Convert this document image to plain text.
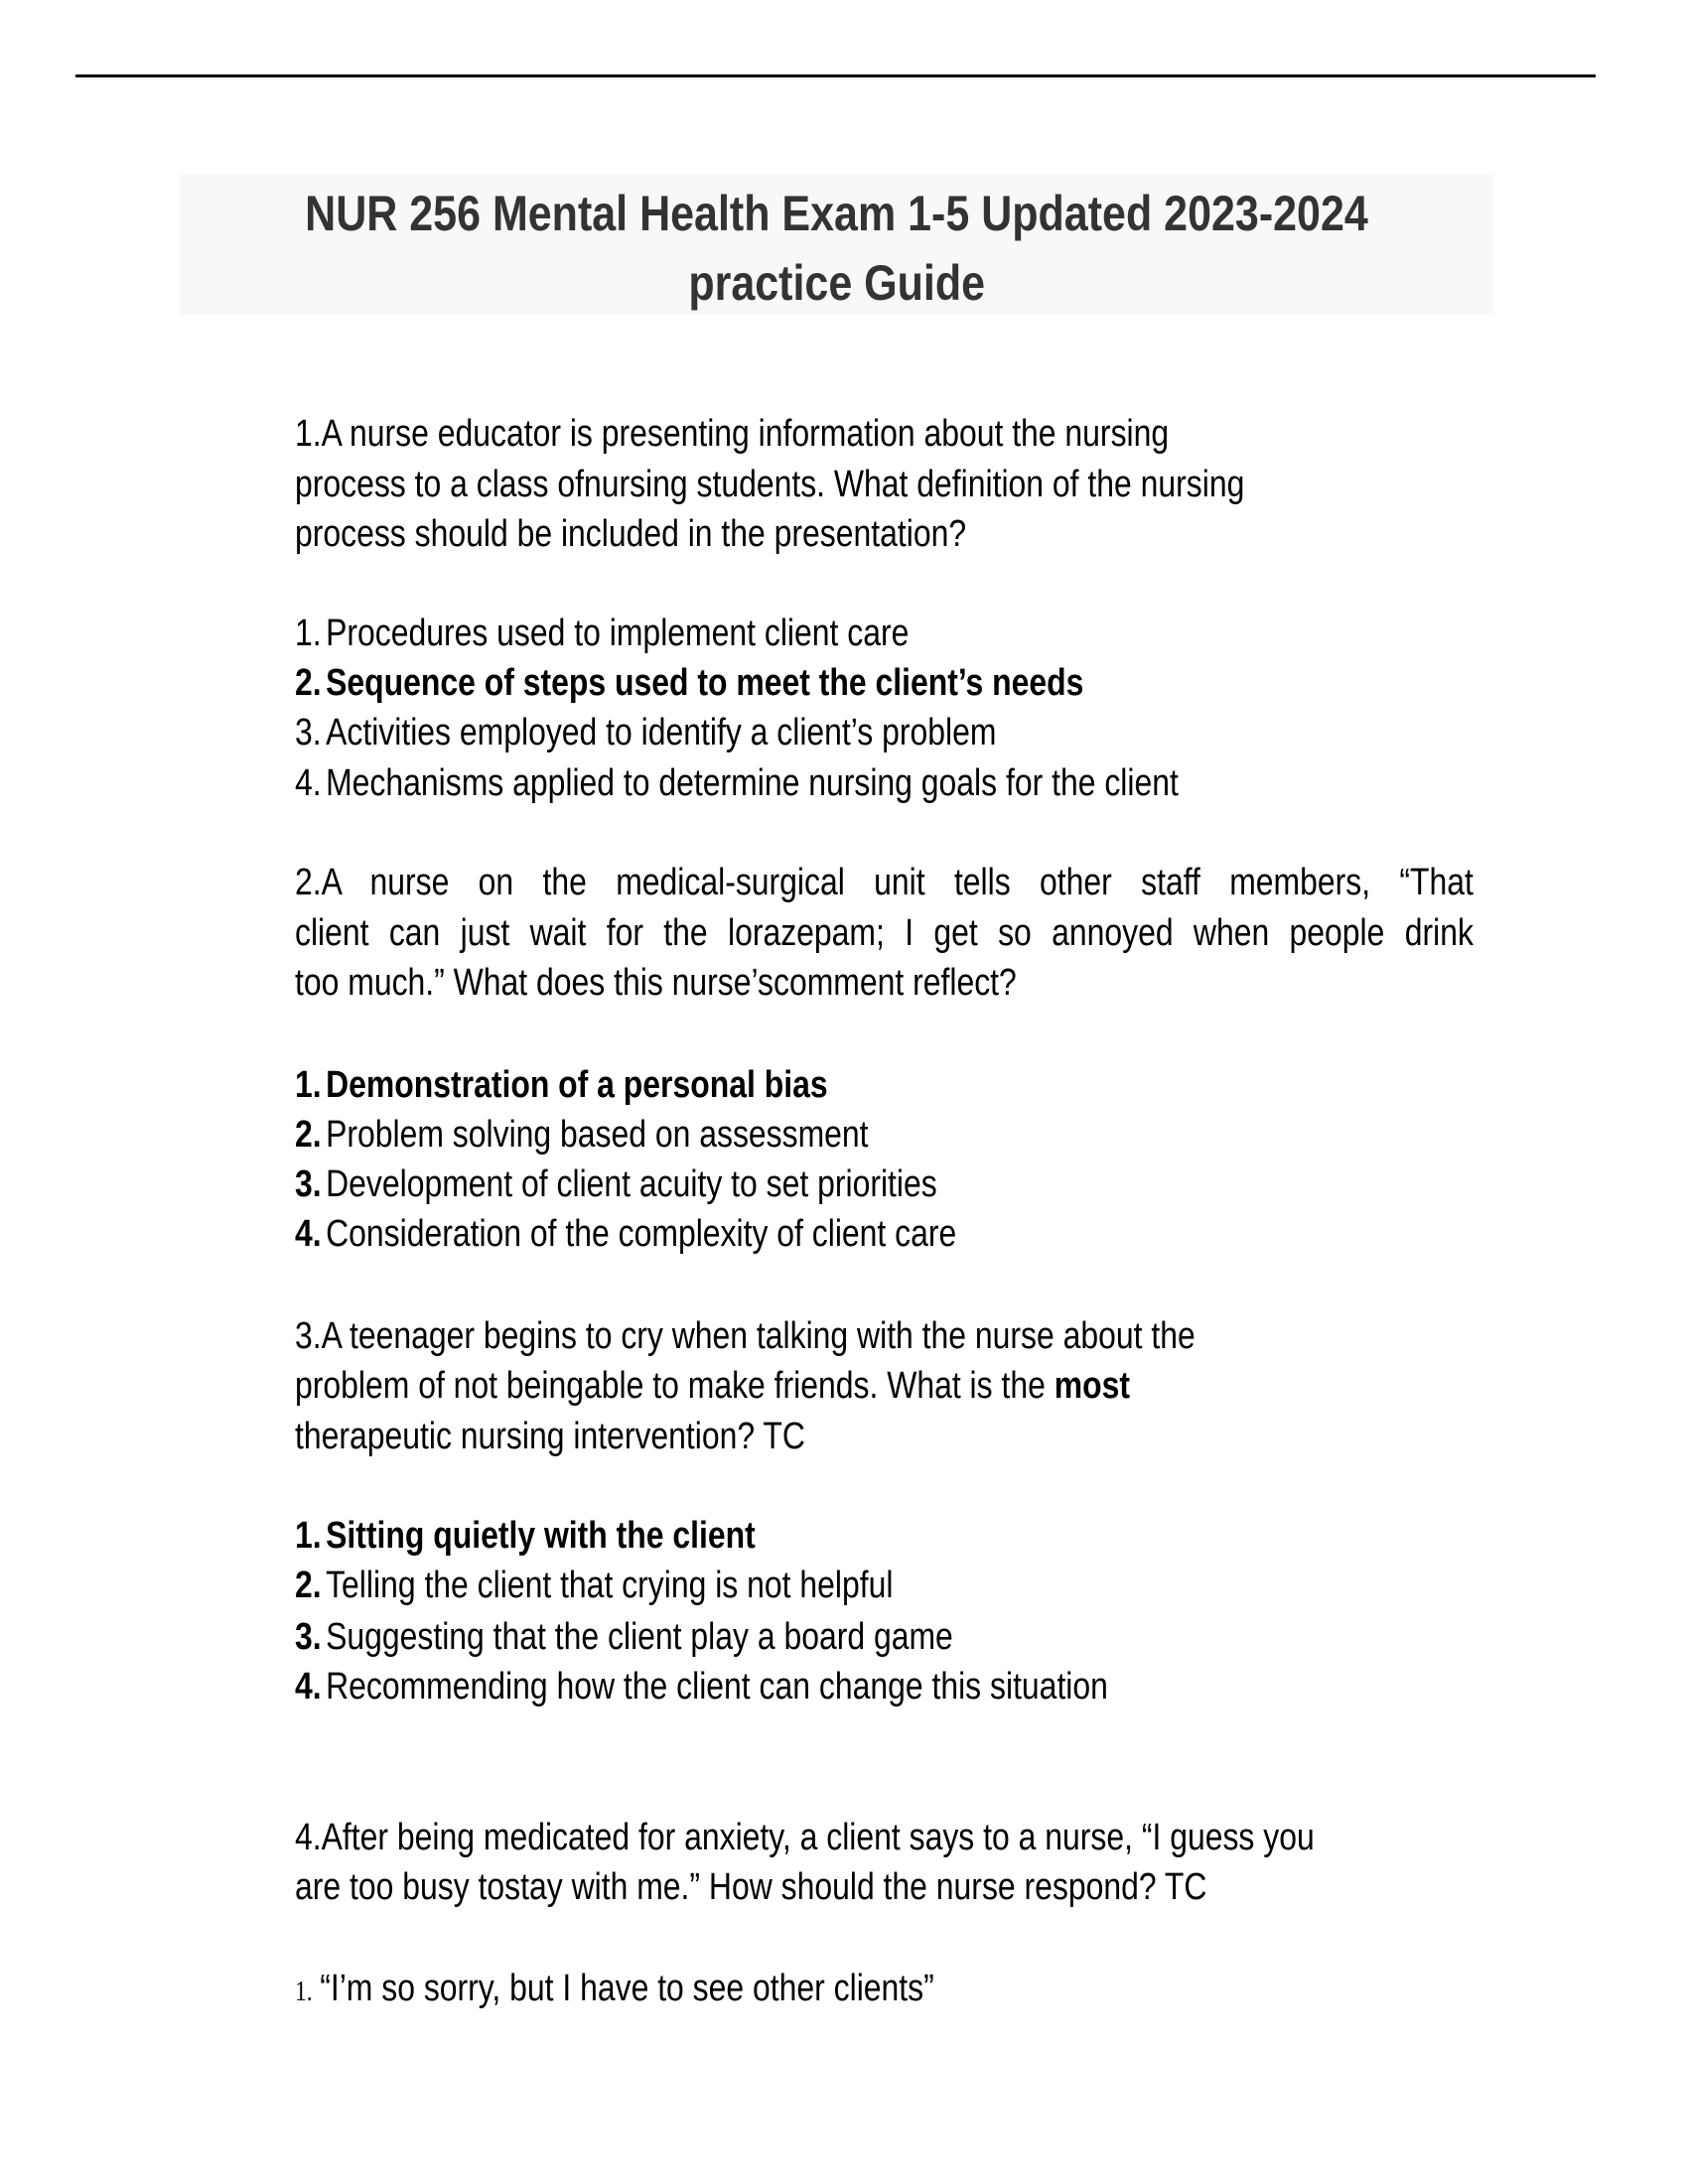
NUR 256 Mental Health Exam 1-5 Updated 2023-2024
practice Guide
1.A nurse educator is presenting information about the nursing
process to a class ofnursing students. What definition of the nursing
process should be included in the presentation?
1. Procedures used to implement client care
2. Sequence of steps used to meet the client’s needs
3. Activities employed to identify a client’s problem
4. Mechanisms applied to determine nursing goals for the client
2.A nurse on the medical-surgical unit tells other staff members, “That
client can just wait for the lorazepam; I get so annoyed when people drink
too much.” What does this nurse’scomment reflect?
1. Demonstration of a personal bias
2. Problem solving based on assessment
3. Development of client acuity to set priorities
4. Consideration of the complexity of client care
3.A teenager begins to cry when talking with the nurse about the
problem of not beingable to make friends. What is the most
therapeutic nursing intervention? TC
1. Sitting quietly with the client
2. Telling the client that crying is not helpful
3. Suggesting that the client play a board game
4. Recommending how the client can change this situation
4.After being medicated for anxiety, a client says to a nurse, “I guess you
are too busy tostay with me.” How should the nurse respond? TC
1. “I’m so sorry, but I have to see other clients”
